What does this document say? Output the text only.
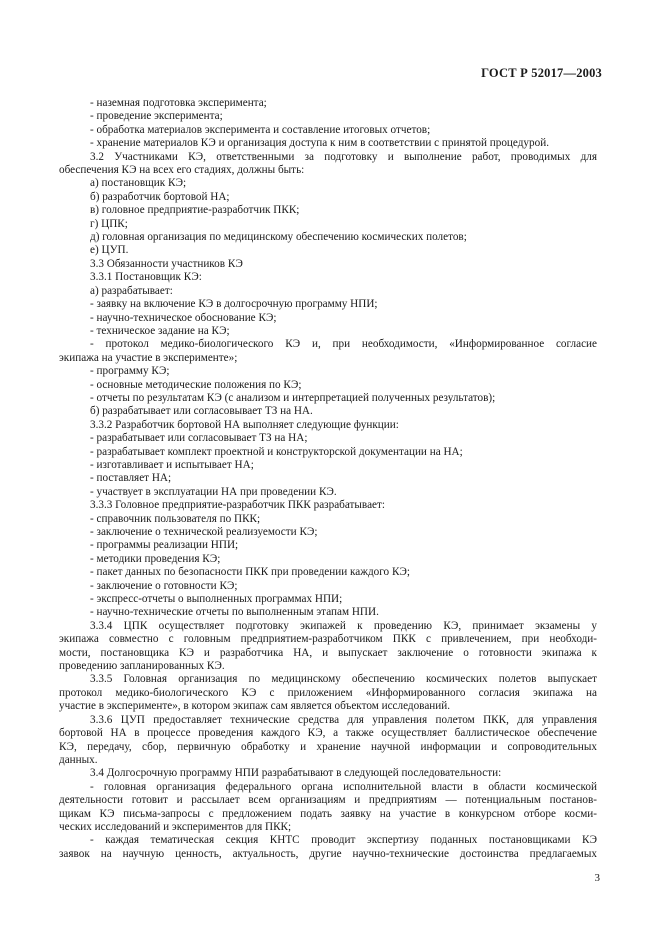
ГОСТ Р 52017—2003
- наземная подготовка эксперимента;
- проведение эксперимента;
- обработка материалов эксперимента и составление итоговых отчетов;
- хранение материалов КЭ и организация доступа к ним в соответствии с принятой процедурой.
3.2 Участниками КЭ, ответственными за подготовку и выполнение работ, проводимых для
обеспечения КЭ на всех его стадиях, должны быть:
а) постановщик КЭ;
б) разработчик бортовой НА;
в) головное предприятие-разработчик ПКК;
г) ЦПК;
д) головная организация по медицинскому обеспечению космических полетов;
е) ЦУП.
3.3 Обязанности участников КЭ
3.3.1 Постановщик КЭ:
а) разрабатывает:
- заявку на включение КЭ в долгосрочную программу НПИ;
- научно-техническое обоснование КЭ;
- техническое задание на КЭ;
- протокол медико-биологического КЭ и, при необходимости, «Информированное согласие
экипажа на участие в эксперименте»;
- программу КЭ;
- основные методические положения по КЭ;
- отчеты по результатам КЭ (с анализом и интерпретацией полученных результатов);
б) разрабатывает или согласовывает ТЗ на НА.
3.3.2 Разработчик бортовой НА выполняет следующие функции:
- разрабатывает или согласовывает ТЗ на НА;
- разрабатывает комплект проектной и конструкторской документации на НА;
- изготавливает и испытывает НА;
- поставляет НА;
- участвует в эксплуатации НА при проведении КЭ.
3.3.3 Головное предприятие-разработчик ПКК разрабатывает:
- справочник пользователя по ПКК;
- заключение о технической реализуемости КЭ;
- программы реализации НПИ;
- методики проведения КЭ;
- пакет данных по безопасности ПКК при проведении каждого КЭ;
- заключение о готовности КЭ;
- экспресс-отчеты о выполненных программах НПИ;
- научно-технические отчеты по выполненным этапам НПИ.
3.3.4 ЦПК осуществляет подготовку экипажей к проведению КЭ, принимает экзамены у
экипажа совместно с головным предприятием-разработчиком ПКК с привлечением, при необходи-
мости, постановщика КЭ и разработчика НА, и выпускает заключение о готовности экипажа к
проведению запланированных КЭ.
3.3.5 Головная организация по медицинскому обеспечению космических полетов выпускает
протокол медико-биологического КЭ с приложением «Информированного согласия экипажа на
участие в эксперименте», в котором экипаж сам является объектом исследований.
3.3.6 ЦУП предоставляет технические средства для управления полетом ПКК, для управления
бортовой НА в процессе проведения каждого КЭ, а также осуществляет баллистическое обеспечение
КЭ, передачу, сбор, первичную обработку и хранение научной информации и сопроводительных
данных.
3.4 Долгосрочную программу НПИ разрабатывают в следующей последовательности:
- головная организация федерального органа исполнительной власти в области космической
деятельности готовит и рассылает всем организациям и предприятиям — потенциальным постанов-
щикам КЭ письма-запросы с предложением подать заявку на участие в конкурсном отборе косми-
ческих исследований и экспериментов для ПКК;
- каждая тематическая секция КНТС проводит экспертизу поданных постановщиками КЭ
заявок на научную ценность, актуальность, другие научно-технические достоинства предлагаемых
3
